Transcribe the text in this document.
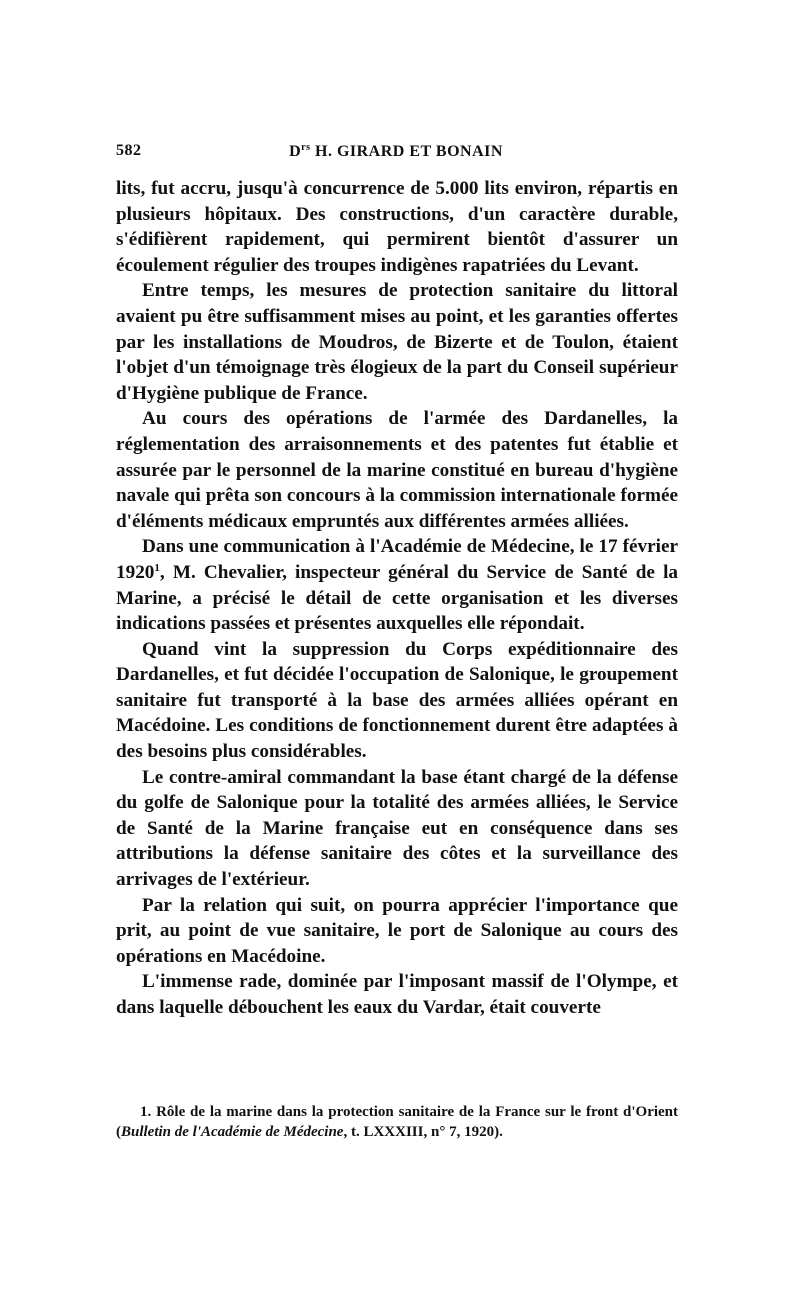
582	$D^{rs}$ H. GIRARD ET BONAIN

lits, fut accru, jusqu'à concurrence de 5.000 lits environ, répartis en plusieurs hôpitaux. Des constructions, d'un caractère durable, s'édifièrent rapidement, qui permirent bientôt d'assurer un écoulement régulier des troupes indigènes rapatriées du Levant.

Entre temps, les mesures de protection sanitaire du littoral avaient pu être suffisamment mises au point, et les garanties offertes par les installations de Moudros, de Bizerte et de Toulon, étaient l'objet d'un témoignage très élogieux de la part du Conseil supérieur d'Hygiène publique de France.

Au cours des opérations de l'armée des Dardanelles, la réglementation des arraisonnements et des patentes fut établie et assurée par le personnel de la marine constitué en bureau d'hygiène navale qui prêta son concours à la commission internationale formée d'éléments médicaux empruntés aux différentes armées alliées.

Dans une communication à l'Académie de Médecine, le 17 février 1920$^1$, M. Chevalier, inspecteur général du Service de Santé de la Marine, a précisé le détail de cette organisation et les diverses indications passées et présentes auxquelles elle répondait.

Quand vint la suppression du Corps expéditionnaire des Dardanelles, et fut décidée l'occupation de Salonique, le groupement sanitaire fut transporté à la base des armées alliées opérant en Macédoine. Les conditions de fonctionnement durent être adaptées à des besoins plus considérables.

Le contre-amiral commandant la base étant chargé de la défense du golfe de Salonique pour la totalité des armées alliées, le Service de Santé de la Marine française eut en conséquence dans ses attributions la défense sanitaire des côtes et la surveillance des arrivages de l'extérieur.

Par la relation qui suit, on pourra apprécier l'importance que prit, au point de vue sanitaire, le port de Salonique au cours des opérations en Macédoine.

L'immense rade, dominée par l'imposant massif de l'Olympe, et dans laquelle débouchent les eaux du Vardar, était couverte

1. Rôle de la marine dans la protection sanitaire de la France sur le front d'Orient (Bulletin de l'Académie de Médecine, t. LXXXIII, n° 7, 1920).
